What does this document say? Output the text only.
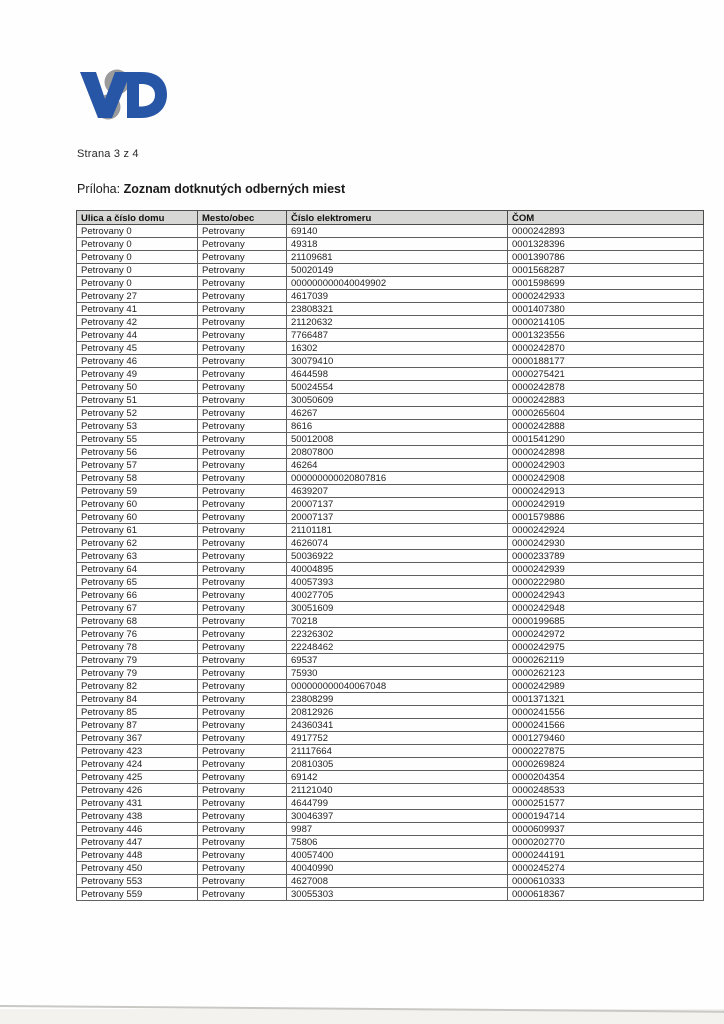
Strana 3 z 4
Príloha: Zoznam dotknutých odberných miest
Ulica a číslo domu	Mesto/obec	Číslo elektromeru	ČOM
Petrovany 0	Petrovany	69140	0000242893
Petrovany 0	Petrovany	49318	0001328396
Petrovany 0	Petrovany	21109681	0001390786
Petrovany 0	Petrovany	50020149	0001568287
Petrovany 0	Petrovany	000000000040049902	0001598699
Petrovany 27	Petrovany	4617039	0000242933
Petrovany 41	Petrovany	23808321	0001407380
Petrovany 42	Petrovany	21120632	0000214105
Petrovany 44	Petrovany	7766487	0001323556
Petrovany 45	Petrovany	16302	0000242870
Petrovany 46	Petrovany	30079410	0000188177
Petrovany 49	Petrovany	4644598	0000275421
Petrovany 50	Petrovany	50024554	0000242878
Petrovany 51	Petrovany	30050609	0000242883
Petrovany 52	Petrovany	46267	0000265604
Petrovany 53	Petrovany	8616	0000242888
Petrovany 55	Petrovany	50012008	0001541290
Petrovany 56	Petrovany	20807800	0000242898
Petrovany 57	Petrovany	46264	0000242903
Petrovany 58	Petrovany	000000000020807816	0000242908
Petrovany 59	Petrovany	4639207	0000242913
Petrovany 60	Petrovany	20007137	0000242919
Petrovany 60	Petrovany	20007137	0001579886
Petrovany 61	Petrovany	21101181	0000242924
Petrovany 62	Petrovany	4626074	0000242930
Petrovany 63	Petrovany	50036922	0000233789
Petrovany 64	Petrovany	40004895	0000242939
Petrovany 65	Petrovany	40057393	0000222980
Petrovany 66	Petrovany	40027705	0000242943
Petrovany 67	Petrovany	30051609	0000242948
Petrovany 68	Petrovany	70218	0000199685
Petrovany 76	Petrovany	22326302	0000242972
Petrovany 78	Petrovany	22248462	0000242975
Petrovany 79	Petrovany	69537	0000262119
Petrovany 79	Petrovany	75930	0000262123
Petrovany 82	Petrovany	000000000040067048	0000242989
Petrovany 84	Petrovany	23808299	0001371321
Petrovany 85	Petrovany	20812926	0000241556
Petrovany 87	Petrovany	24360341	0000241566
Petrovany 367	Petrovany	4917752	0001279460
Petrovany 423	Petrovany	21117664	0000227875
Petrovany 424	Petrovany	20810305	0000269824
Petrovany 425	Petrovany	69142	0000204354
Petrovany 426	Petrovany	21121040	0000248533
Petrovany 431	Petrovany	4644799	0000251577
Petrovany 438	Petrovany	30046397	0000194714
Petrovany 446	Petrovany	9987	0000609937
Petrovany 447	Petrovany	75806	0000202770
Petrovany 448	Petrovany	40057400	0000244191
Petrovany 450	Petrovany	40040990	0000245274
Petrovany 553	Petrovany	4627008	0000610333
Petrovany 559	Petrovany	30055303	0000618367
